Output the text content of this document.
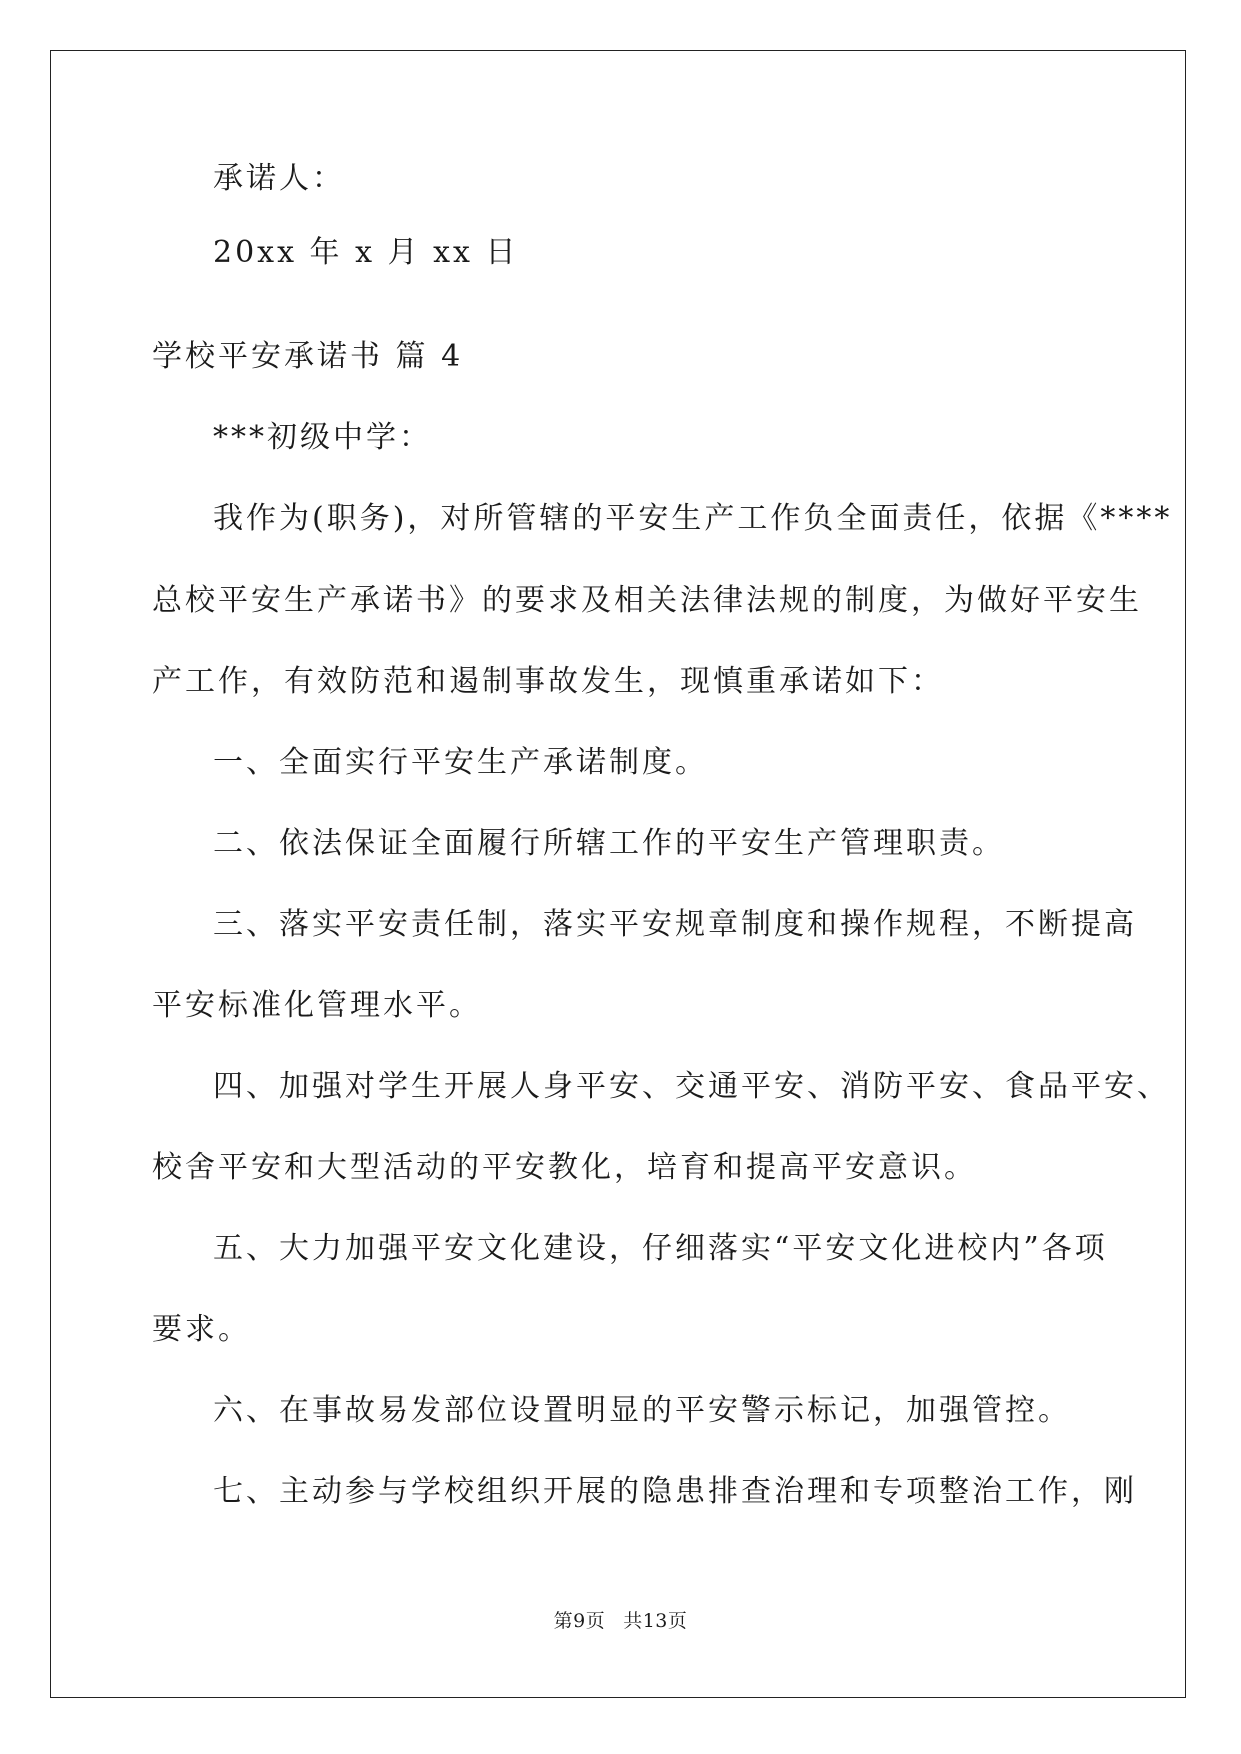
承诺人：
20xx 年 x 月 xx 日
学校平安承诺书 篇 4
***初级中学：
我作为(职务)，对所管辖的平安生产工作负全面责任，依据《****
总校平安生产承诺书》的要求及相关法律法规的制度，为做好平安生
产工作，有效防范和遏制事故发生，现慎重承诺如下：
一、全面实行平安生产承诺制度。
二、依法保证全面履行所辖工作的平安生产管理职责。
三、落实平安责任制，落实平安规章制度和操作规程，不断提高
平安标准化管理水平。
四、加强对学生开展人身平安、交通平安、消防平安、食品平安、
校舍平安和大型活动的平安教化，培育和提高平安意识。
五、大力加强平安文化建设，仔细落实“平安文化进校内”各项
要求。
六、在事故易发部位设置明显的平安警示标记，加强管控。
七、主动参与学校组织开展的隐患排查治理和专项整治工作，刚
第9页 共13页
